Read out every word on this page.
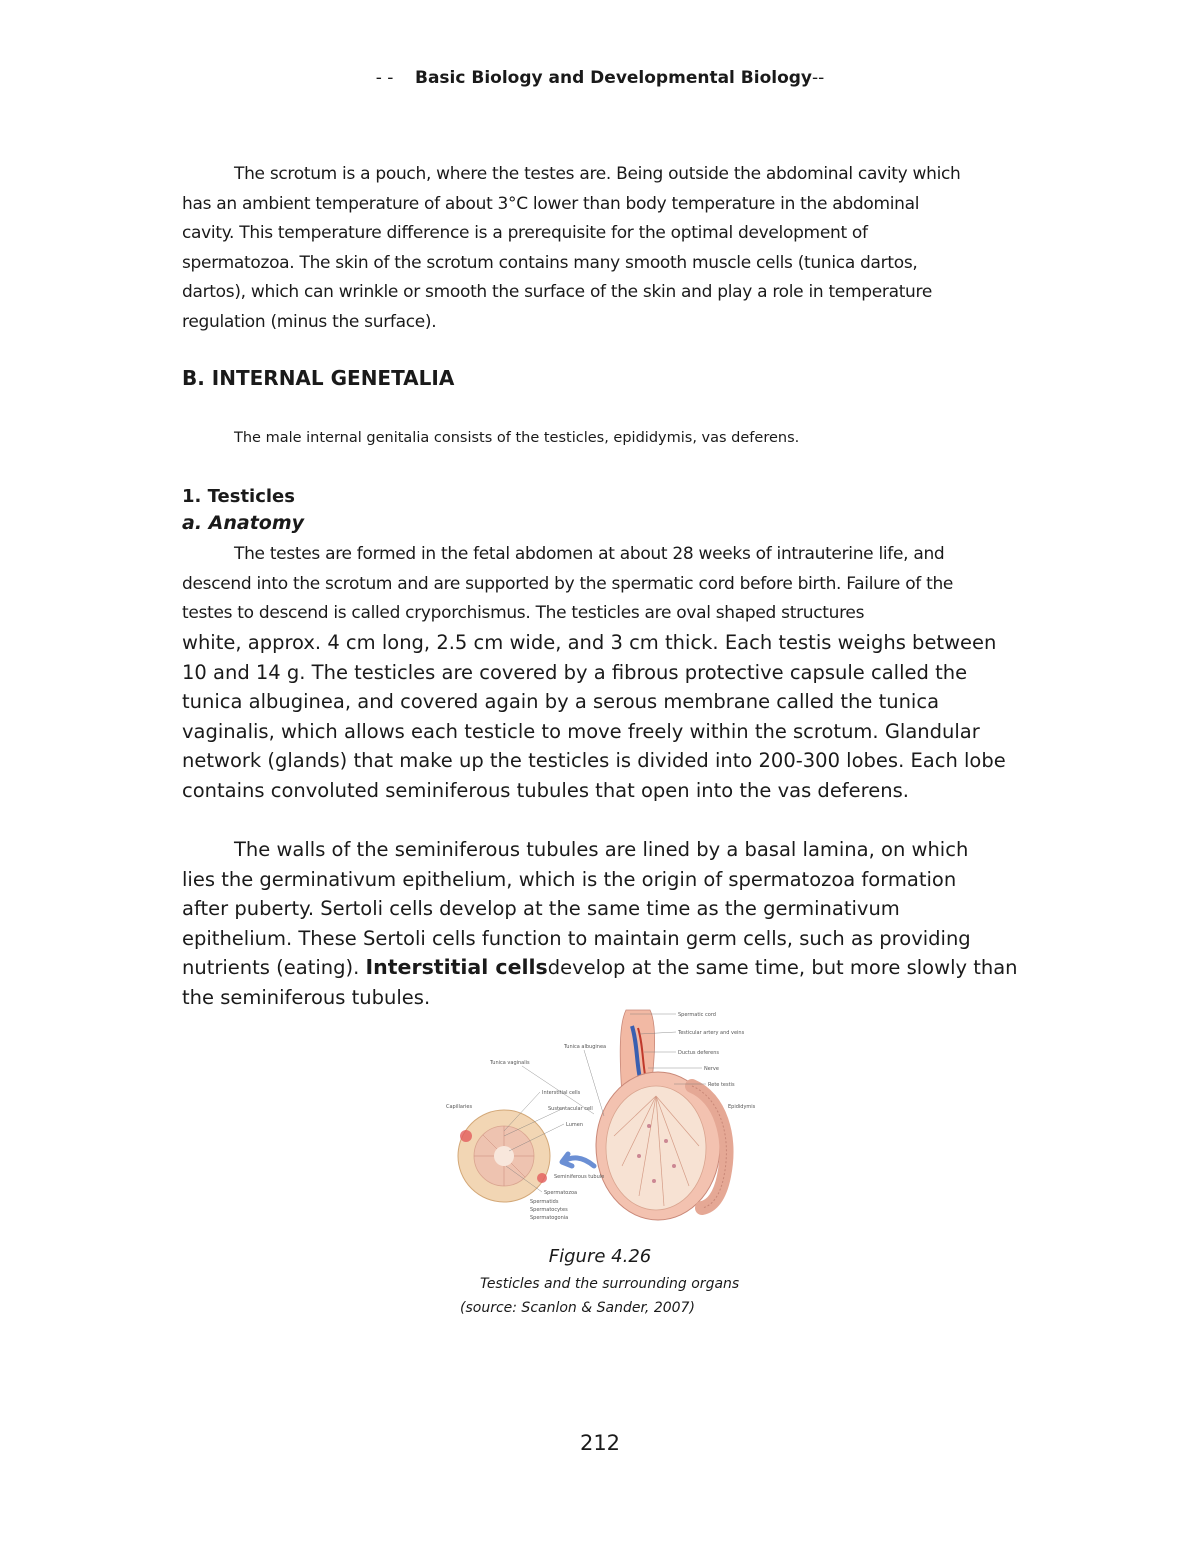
- - Basic Biology and Developmental Biology--
The scrotum is a pouch, where the testes are. Being outside the abdominal cavity which
has an ambient temperature of about 3°C lower than body temperature in the abdominal
cavity. This temperature difference is a prerequisite for the optimal development of
spermatozoa. The skin of the scrotum contains many smooth muscle cells (tunica dartos,
dartos), which can wrinkle or smooth the surface of the skin and play a role in temperature
regulation (minus the surface).
B. INTERNAL GENETALIA

The male internal genitalia consists of the testicles, epididymis, vas deferens.

1. Testicles
a. Anatomy
The testes are formed in the fetal abdomen at about 28 weeks of intrauterine life, and
descend into the scrotum and are supported by the spermatic cord before birth. Failure of the
testes to descend is called cryporchismus. The testicles are oval shaped structures
white, approx. 4 cm long, 2.5 cm wide, and 3 cm thick. Each testis weighs between
10 and 14 g. The testicles are covered by a fibrous protective capsule called the
tunica albuginea, and covered again by a serous membrane called the tunica
vaginalis, which allows each testicle to move freely within the scrotum. Glandular
network (glands) that make up the testicles is divided into 200-300 lobes. Each lobe
contains convoluted seminiferous tubules that open into the vas deferens.
The walls of the seminiferous tubules are lined by a basal lamina, on which
lies the germinativum epithelium, which is the origin of spermatozoa formation
after puberty. Sertoli cells develop at the same time as the germinativum
epithelium. These Sertoli cells function to maintain germ cells, such as providing
nutrients (eating). Interstitial cellsdevelop at the same time, but more slowly than
the seminiferous tubules.
Spermatic cord
Testicular artery and veins
Ductus deferens
Nerve
Rete testis
Epididymis
Tunica albuginea
Tunica vaginalis
Interstitial cells
Sustentacular cell
Lumen
Capillaries
Seminiferous tubule
Spermatozoa
Spermatids
Spermatocytes
Spermatogonia
Figure 4.26
Testicles and the surrounding organs
(source: Scanlon & Sander, 2007)
212
